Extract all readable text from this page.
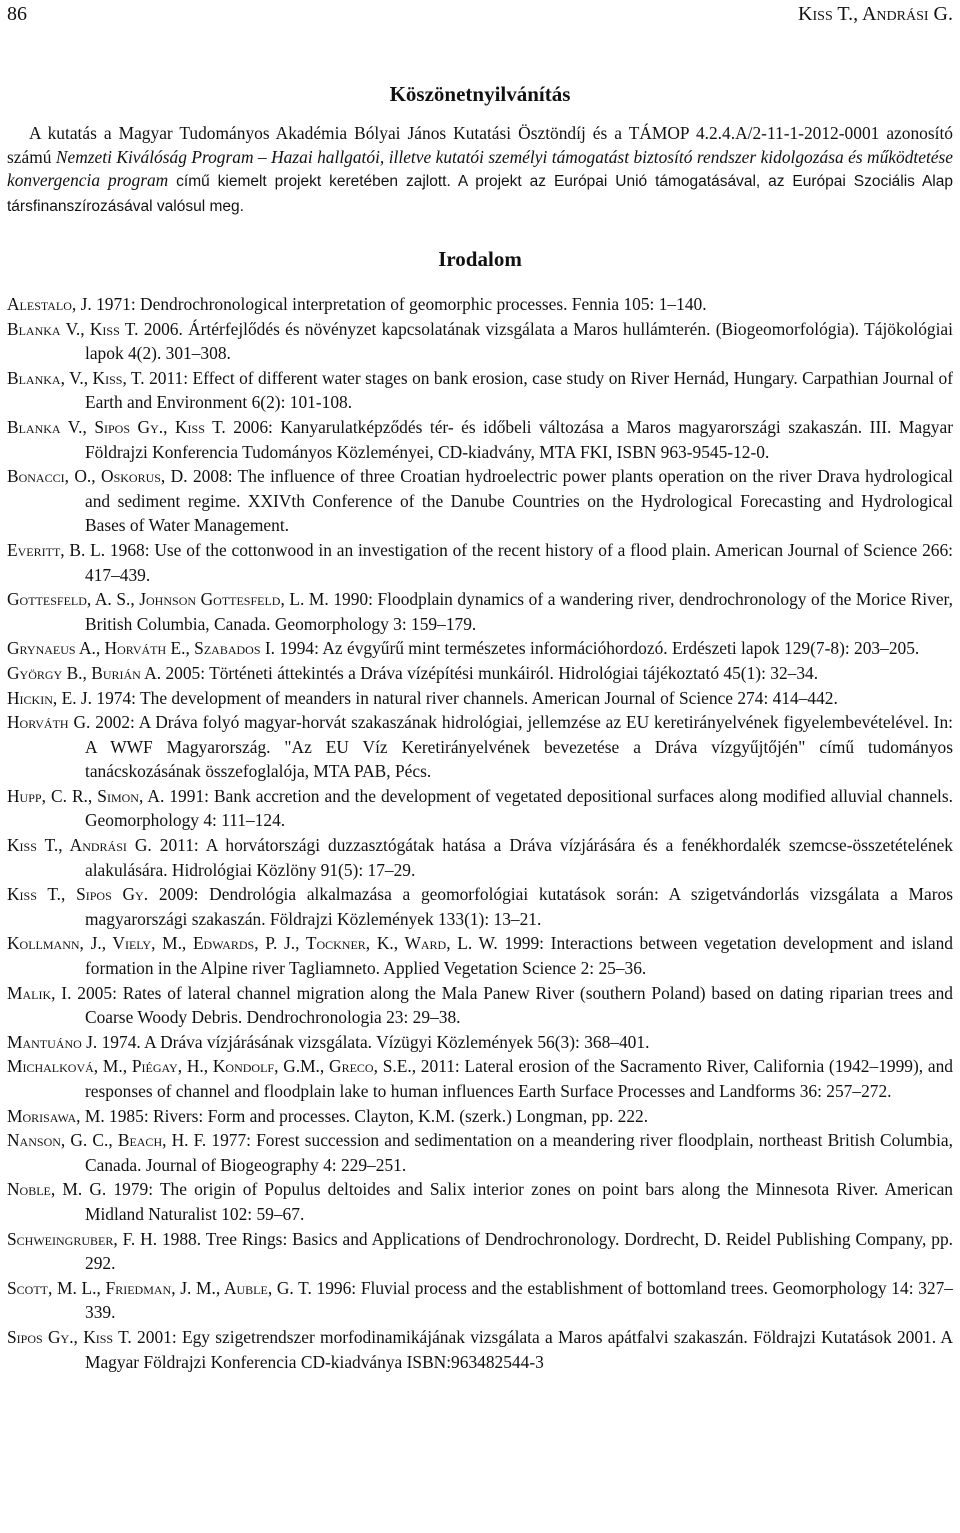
86	Kiss T., Andrási G.
Köszönetnyilvánítás

A kutatás a Magyar Tudományos Akadémia Bólyai János Kutatási Ösztöndíj és a TÁMOP 4.2.4.A/2-11-1-2012-0001 azonosító számú Nemzeti Kiválóság Program – Hazai hallgatói, illetve kutatói személyi támogatást biztosító rendszer kidolgozása és működtetése konvergencia program című kiemelt projekt keretében zajlott. A projekt az Európai Unió támogatásával, az Európai Szociális Alap társfinanszírozásával valósul meg.

Irodalom

Alestalo, J. 1971: Dendrochronological interpretation of geomorphic processes. Fennia 105: 1–140.

Blanka V., Kiss T. 2006. Ártérfejlődés és növényzet kapcsolatának vizsgálata a Maros hullámterén. (Biogeomorfológia). Tájökológiai lapok 4(2). 301–308.

Blanka, V., Kiss, T. 2011: Effect of different water stages on bank erosion, case study on River Hernád, Hungary. Carpathian Journal of Earth and Environment 6(2): 101-108.

Blanka V., Sipos Gy., Kiss T. 2006: Kanyarulatképződés tér- és időbeli változása a Maros magyarországi szakaszán. III. Magyar Földrajzi Konferencia Tudományos Közleményei, CD-kiadvány, MTA FKI, ISBN 963-9545-12-0.

Bonacci, O., Oskorus, D. 2008: The influence of three Croatian hydroelectric power plants operation on the river Drava hydrological and sediment regime. XXIVth Conference of the Danube Countries on the Hydrological Forecasting and Hydrological Bases of Water Management.

Everitt, B. L. 1968: Use of the cottonwood in an investigation of the recent history of a flood plain. American Journal of Science 266: 417–439.

Gottesfeld, A. S., Johnson Gottesfeld, L. M. 1990: Floodplain dynamics of a wandering river, dendrochronology of the Morice River, British Columbia, Canada. Geomorphology 3: 159–179.

Grynaeus A., Horváth E., Szabados I. 1994: Az évgyűrű mint természetes információhordozó. Erdészeti lapok 129(7-8): 203–205.

György B., Burián A. 2005: Történeti áttekintés a Dráva vízépítési munkáiról. Hidrológiai tájékoztató 45(1): 32–34.

Hickin, E. J. 1974: The development of meanders in natural river channels. American Journal of Science 274: 414–442.

Horváth G. 2002: A Dráva folyó magyar-horvát szakaszának hidrológiai, jellemzése az EU keretirányelvének figyelembevételével. In: A WWF Magyarország. "Az EU Víz Keretirányelvének bevezetése a Dráva vízgyűjtőjén" című tudományos tanácskozásának összefoglalója, MTA PAB, Pécs.

Hupp, C. R., Simon, A. 1991: Bank accretion and the development of vegetated depositional surfaces along modified alluvial channels. Geomorphology 4: 111–124.

Kiss T., Andrási G. 2011: A horvátországi duzzasztógátak hatása a Dráva vízjárására és a fenékhordalék szemcse-összetételének alakulására. Hidrológiai Közlöny 91(5): 17–29.

Kiss T., Sipos Gy. 2009: Dendrológia alkalmazása a geomorfológiai kutatások során: A szigetvándorlás vizsgálata a Maros magyarországi szakaszán. Földrajzi Közlemények 133(1): 13–21.

Kollmann, J., Viely, M., Edwards, P. J., Tockner, K., Ward, L. W. 1999: Interactions between vegetation development and island formation in the Alpine river Tagliamneto. Applied Vegetation Science 2: 25–36.

Malik, I. 2005: Rates of lateral channel migration along the Mala Panew River (southern Poland) based on dating riparian trees and Coarse Woody Debris. Dendrochronologia 23: 29–38.

Mantuáno J. 1974. A Dráva vízjárásának vizsgálata. Vízügyi Közlemények 56(3): 368–401.

Michalková, M., Piégay, H., Kondolf, G.M., Greco, S.E., 2011: Lateral erosion of the Sacramento River, California (1942–1999), and responses of channel and floodplain lake to human influences Earth Surface Processes and Landforms 36: 257–272.

Morisawa, M. 1985: Rivers: Form and processes. Clayton, K.M. (szerk.) Longman, pp. 222.

Nanson, G. C., Beach, H. F. 1977: Forest succession and sedimentation on a meandering river floodplain, northeast British Columbia, Canada. Journal of Biogeography 4: 229–251.

Noble, M. G. 1979: The origin of Populus deltoides and Salix interior zones on point bars along the Minnesota River. American Midland Naturalist 102: 59–67.

Schweingruber, F. H. 1988. Tree Rings: Basics and Applications of Dendrochronology. Dordrecht, D. Reidel Publishing Company, pp. 292.

Scott, M. L., Friedman, J. M., Auble, G. T. 1996: Fluvial process and the establishment of bottomland trees. Geomorphology 14: 327–339.

Sipos Gy., Kiss T. 2001: Egy szigetrendszer morfodinamikájának vizsgálata a Maros apátfalvi szakaszán. Földrajzi Kutatások 2001. A Magyar Földrajzi Konferencia CD-kiadványa ISBN:963482544-3
